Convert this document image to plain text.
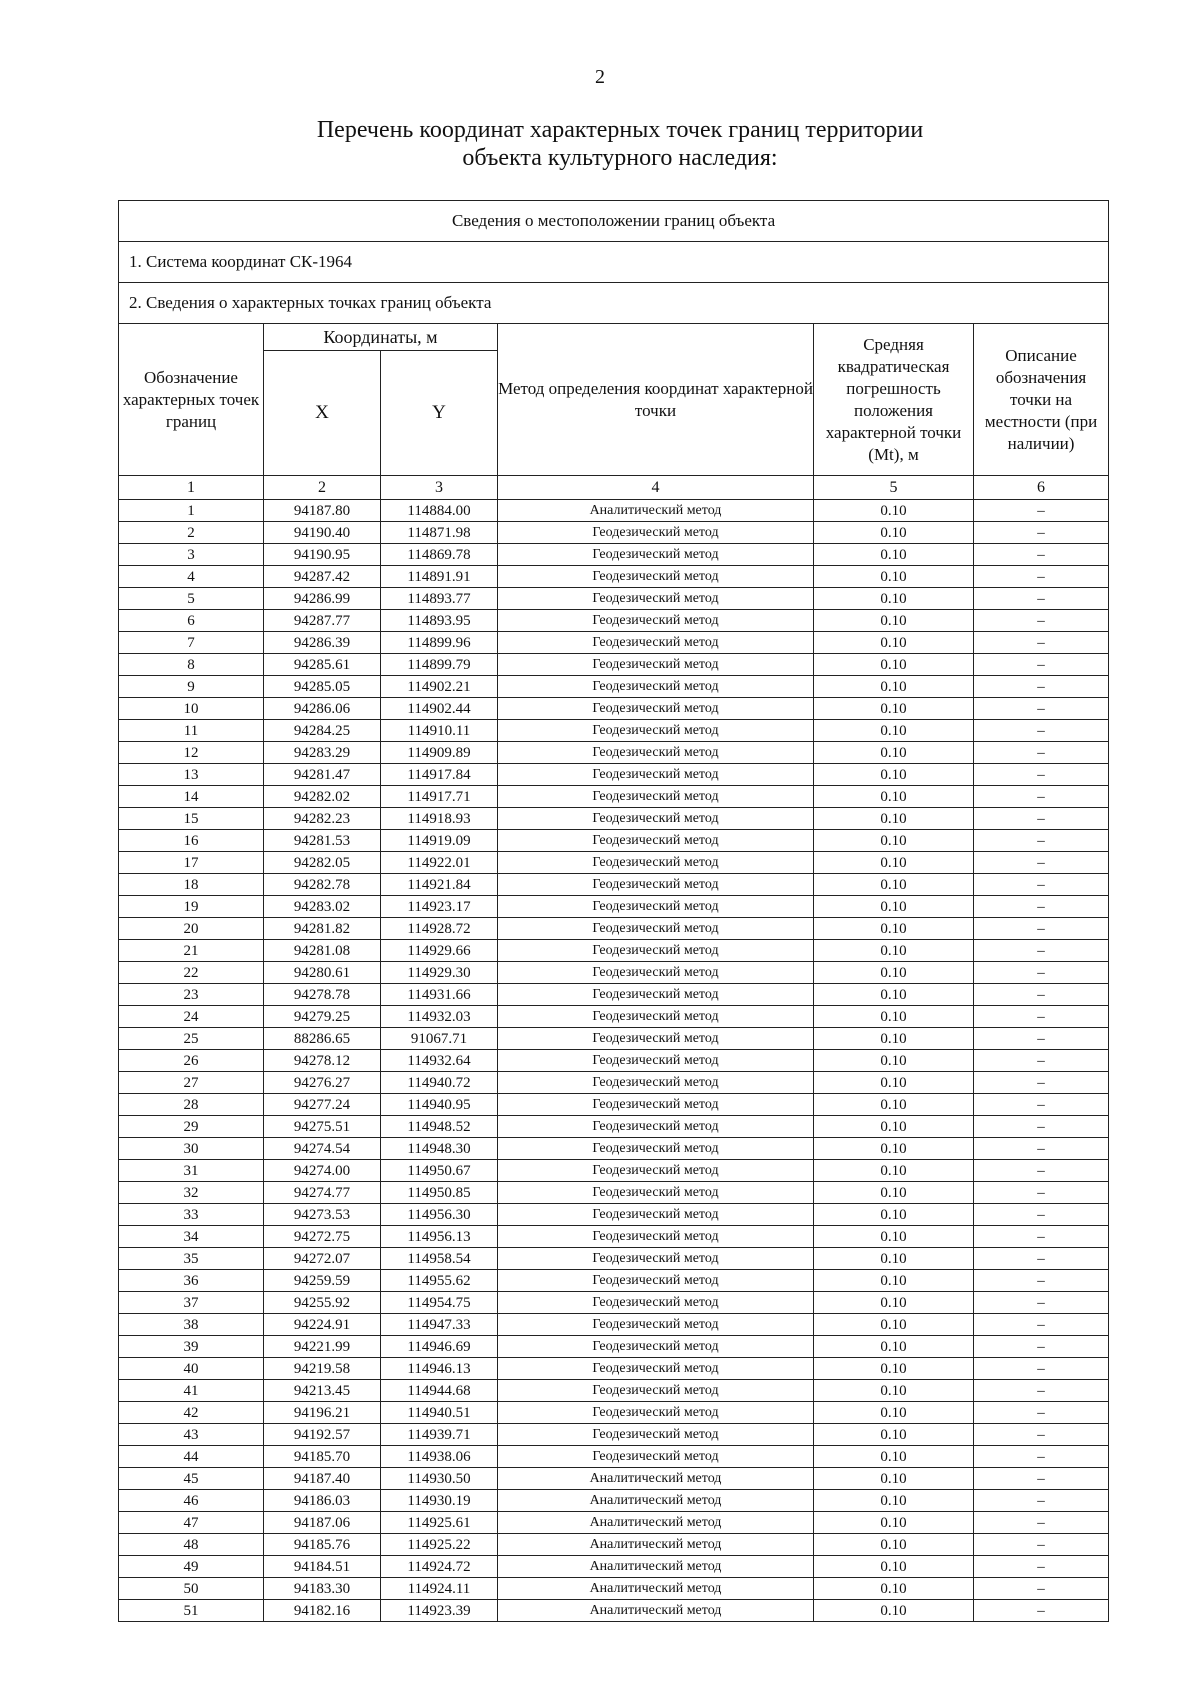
2
Перечень координат характерных точек границ территории
объекта культурного наследия:
Сведения о местоположении границ объекта					
1. Система координат СК-1964					
2. Сведения о характерных точках границ объекта					
Обозначение характерных точек границ	Координаты, м		Метод определения координат характерной точки	Средняя квадратическая погрешность положения характерной точки (Mt), м	Описание обозначения точки на местности (при наличии)
	X	Y			
1	2	3	4	5	6
1	94187.80	114884.00	Аналитический метод	0.10	–
2	94190.40	114871.98	Геодезический метод	0.10	–
3	94190.95	114869.78	Геодезический метод	0.10	–
4	94287.42	114891.91	Геодезический метод	0.10	–
5	94286.99	114893.77	Геодезический метод	0.10	–
6	94287.77	114893.95	Геодезический метод	0.10	–
7	94286.39	114899.96	Геодезический метод	0.10	–
8	94285.61	114899.79	Геодезический метод	0.10	–
9	94285.05	114902.21	Геодезический метод	0.10	–
10	94286.06	114902.44	Геодезический метод	0.10	–
11	94284.25	114910.11	Геодезический метод	0.10	–
12	94283.29	114909.89	Геодезический метод	0.10	–
13	94281.47	114917.84	Геодезический метод	0.10	–
14	94282.02	114917.71	Геодезический метод	0.10	–
15	94282.23	114918.93	Геодезический метод	0.10	–
16	94281.53	114919.09	Геодезический метод	0.10	–
17	94282.05	114922.01	Геодезический метод	0.10	–
18	94282.78	114921.84	Геодезический метод	0.10	–
19	94283.02	114923.17	Геодезический метод	0.10	–
20	94281.82	114928.72	Геодезический метод	0.10	–
21	94281.08	114929.66	Геодезический метод	0.10	–
22	94280.61	114929.30	Геодезический метод	0.10	–
23	94278.78	114931.66	Геодезический метод	0.10	–
24	94279.25	114932.03	Геодезический метод	0.10	–
25	88286.65	91067.71	Геодезический метод	0.10	–
26	94278.12	114932.64	Геодезический метод	0.10	–
27	94276.27	114940.72	Геодезический метод	0.10	–
28	94277.24	114940.95	Геодезический метод	0.10	–
29	94275.51	114948.52	Геодезический метод	0.10	–
30	94274.54	114948.30	Геодезический метод	0.10	–
31	94274.00	114950.67	Геодезический метод	0.10	–
32	94274.77	114950.85	Геодезический метод	0.10	–
33	94273.53	114956.30	Геодезический метод	0.10	–
34	94272.75	114956.13	Геодезический метод	0.10	–
35	94272.07	114958.54	Геодезический метод	0.10	–
36	94259.59	114955.62	Геодезический метод	0.10	–
37	94255.92	114954.75	Геодезический метод	0.10	–
38	94224.91	114947.33	Геодезический метод	0.10	–
39	94221.99	114946.69	Геодезический метод	0.10	–
40	94219.58	114946.13	Геодезический метод	0.10	–
41	94213.45	114944.68	Геодезический метод	0.10	–
42	94196.21	114940.51	Геодезический метод	0.10	–
43	94192.57	114939.71	Геодезический метод	0.10	–
44	94185.70	114938.06	Геодезический метод	0.10	–
45	94187.40	114930.50	Аналитический метод	0.10	–
46	94186.03	114930.19	Аналитический метод	0.10	–
47	94187.06	114925.61	Аналитический метод	0.10	–
48	94185.76	114925.22	Аналитический метод	0.10	–
49	94184.51	114924.72	Аналитический метод	0.10	–
50	94183.30	114924.11	Аналитический метод	0.10	–
51	94182.16	114923.39	Аналитический метод	0.10	–
